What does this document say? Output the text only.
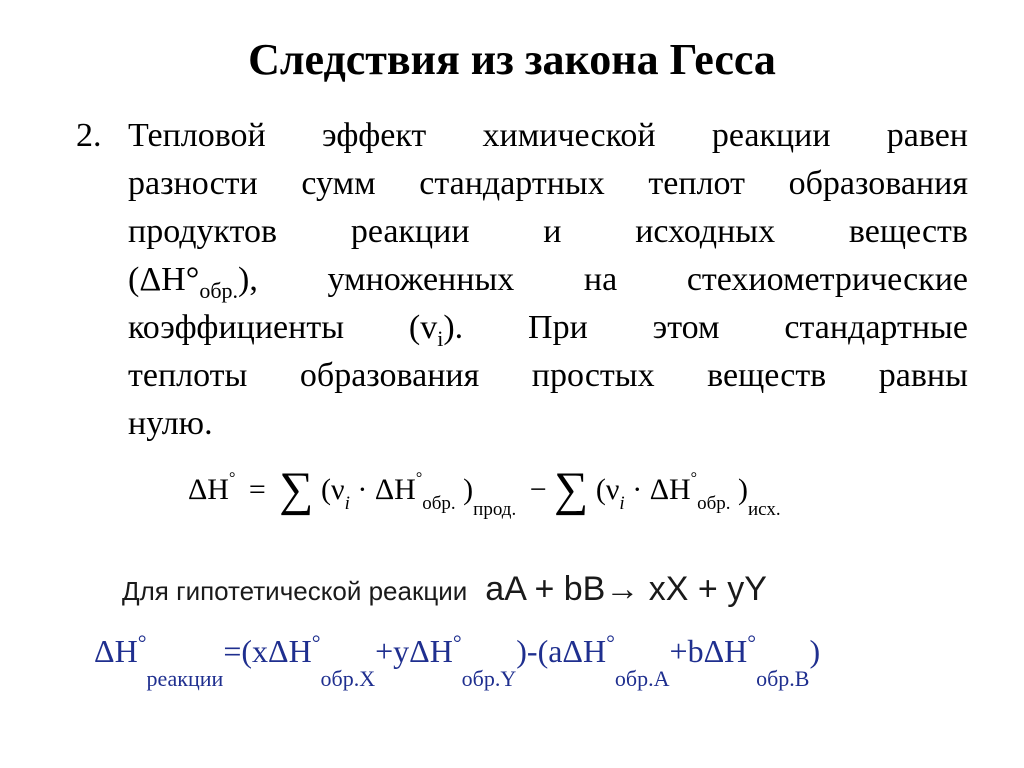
Следствия из закона Гесса
2. Тепловой эффект химической реакции равен
разности сумм стандартных теплот образования
продуктов реакции и исходных веществ
$(\Delta H^\circ_{обр.})$, умноженных на стехиометрические
коэффициенты $(v_i)$. При этом стандартные
теплоты образования простых веществ равны
нулю.
ΔH° = ∑ ($\nu_i \cdot \Delta H^\circ_{обр.}$ )$_{прод.}$ − ∑ ($\nu_i \cdot \Delta H^\circ_{обр.}$ )$_{исх.}$
Для гипотетической реакции aA + bB→ xX + yY
$\Delta H^\circ_{реакции}=(x\Delta H^\circ_{обр.X}+y\Delta H^\circ_{обр.Y})-(a\Delta H^\circ_{обр.A}+b\Delta H^\circ_{обр.B})$
